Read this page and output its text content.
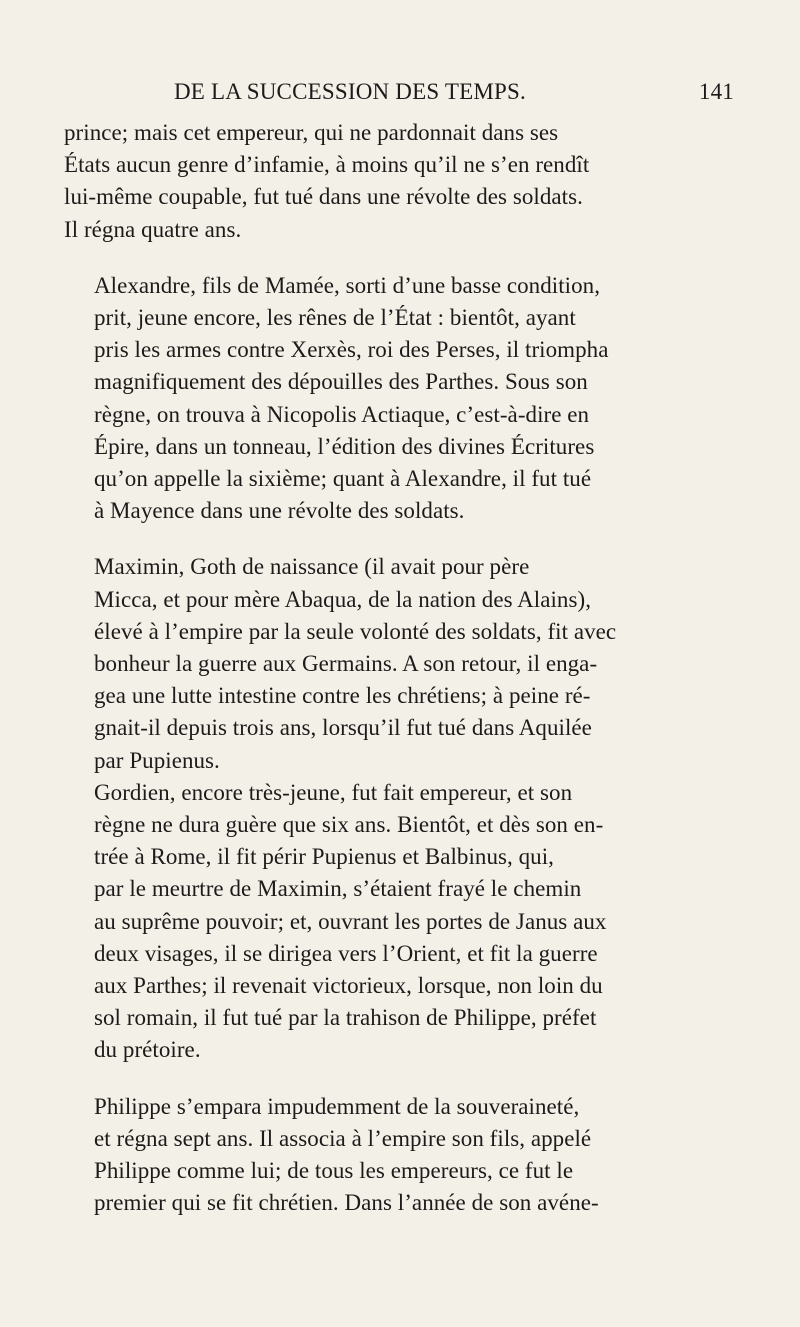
DE LA SUCCESSION DES TEMPS.	141

prince; mais cet empereur, qui ne pardonnait dans ses
États aucun genre d’infamie, à moins qu’il ne s’en rendît
lui-même coupable, fut tué dans une révolte des soldats.
Il régna quatre ans.

Alexandre, fils de Mamée, sorti d’une basse condition,
prit, jeune encore, les rênes de l’État : bientôt, ayant
pris les armes contre Xerxès, roi des Perses, il triompha
magnifiquement des dépouilles des Parthes. Sous son
règne, on trouva à Nicopolis Actiaque, c’est-à-dire en
Épire, dans un tonneau, l’édition des divines Écritures
qu’on appelle la sixième; quant à Alexandre, il fut tué
à Mayence dans une révolte des soldats.

Maximin, Goth de naissance (il avait pour père
Micca, et pour mère Abaqua, de la nation des Alains),
élevé à l’empire par la seule volonté des soldats, fit avec
bonheur la guerre aux Germains. A son retour, il enga-
gea une lutte intestine contre les chrétiens; à peine ré-
gnait-il depuis trois ans, lorsqu’il fut tué dans Aquilée
par Pupienus.

Gordien, encore très-jeune, fut fait empereur, et son
règne ne dura guère que six ans. Bientôt, et dès son en-
trée à Rome, il fit périr Pupienus et Balbinus, qui,
par le meurtre de Maximin, s’étaient frayé le chemin
au suprême pouvoir; et, ouvrant les portes de Janus aux
deux visages, il se dirigea vers l’Orient, et fit la guerre
aux Parthes; il revenait victorieux, lorsque, non loin du
sol romain, il fut tué par la trahison de Philippe, préfet
du prétoire.

Philippe s’empara impudemment de la souveraineté,
et régna sept ans. Il associa à l’empire son fils, appelé
Philippe comme lui; de tous les empereurs, ce fut le
premier qui se fit chrétien. Dans l’année de son avéne-
